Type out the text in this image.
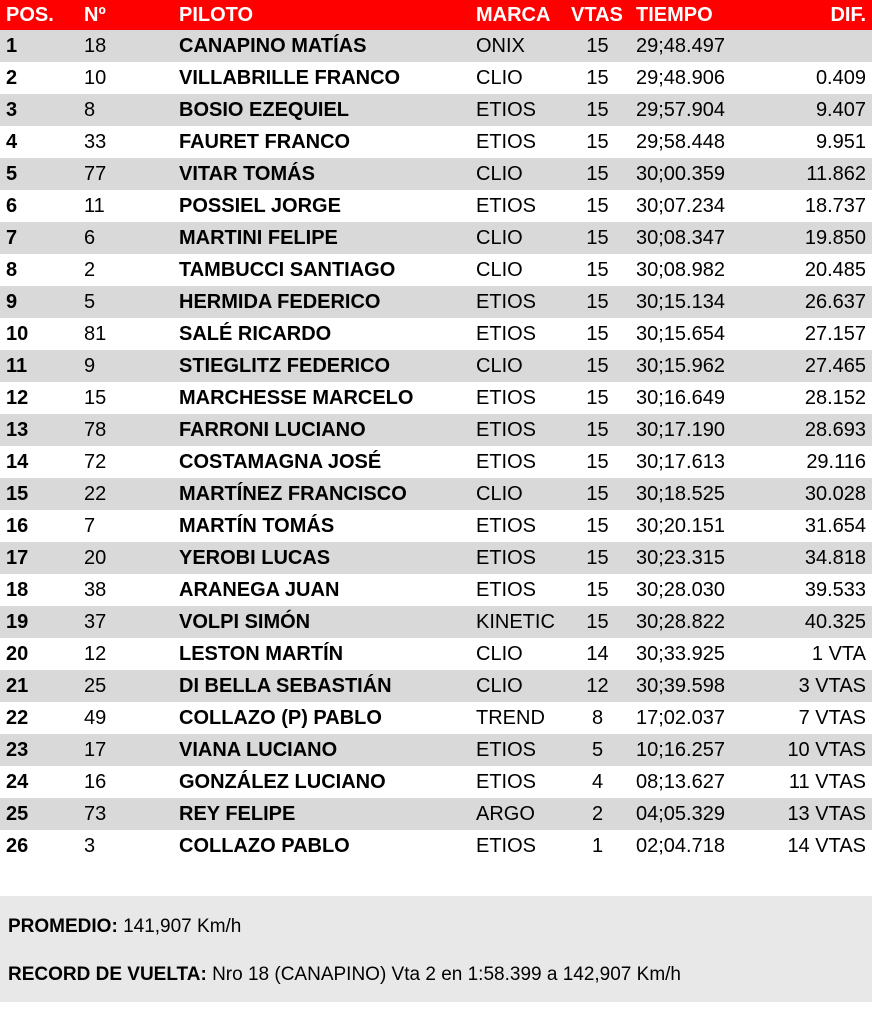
POS.	Nº	PILOTO	MARCA	VTAS	TIEMPO	DIF.
1	18	CANAPINO MATÍAS	ONIX	15	29;48.497	
2	10	VILLABRILLE FRANCO	CLIO	15	29;48.906	0.409
3	8	BOSIO EZEQUIEL	ETIOS	15	29;57.904	9.407
4	33	FAURET FRANCO	ETIOS	15	29;58.448	9.951
5	77	VITAR TOMÁS	CLIO	15	30;00.359	11.862
6	11	POSSIEL JORGE	ETIOS	15	30;07.234	18.737
7	6	MARTINI FELIPE	CLIO	15	30;08.347	19.850
8	2	TAMBUCCI SANTIAGO	CLIO	15	30;08.982	20.485
9	5	HERMIDA FEDERICO	ETIOS	15	30;15.134	26.637
10	81	SALÉ RICARDO	ETIOS	15	30;15.654	27.157
11	9	STIEGLITZ FEDERICO	CLIO	15	30;15.962	27.465
12	15	MARCHESSE MARCELO	ETIOS	15	30;16.649	28.152
13	78	FARRONI LUCIANO	ETIOS	15	30;17.190	28.693
14	72	COSTAMAGNA JOSÉ	ETIOS	15	30;17.613	29.116
15	22	MARTÍNEZ FRANCISCO	CLIO	15	30;18.525	30.028
16	7	MARTÍN TOMÁS	ETIOS	15	30;20.151	31.654
17	20	YEROBI LUCAS	ETIOS	15	30;23.315	34.818
18	38	ARANEGA JUAN	ETIOS	15	30;28.030	39.533
19	37	VOLPI SIMÓN	KINETIC	15	30;28.822	40.325
20	12	LESTON MARTÍN	CLIO	14	30;33.925	1 VTA
21	25	DI BELLA SEBASTIÁN	CLIO	12	30;39.598	3 VTAS
22	49	COLLAZO (P) PABLO	TREND	8	17;02.037	7 VTAS
23	17	VIANA LUCIANO	ETIOS	5	10;16.257	10 VTAS
24	16	GONZÁLEZ LUCIANO	ETIOS	4	08;13.627	11 VTAS
25	73	REY FELIPE	ARGO	2	04;05.329	13 VTAS
26	3	COLLAZO PABLO	ETIOS	1	02;04.718	14 VTAS
PROMEDIO: 141,907 Km/h
RECORD DE VUELTA: Nro 18 (CANAPINO) Vta 2 en 1:58.399 a 142,907 Km/h
